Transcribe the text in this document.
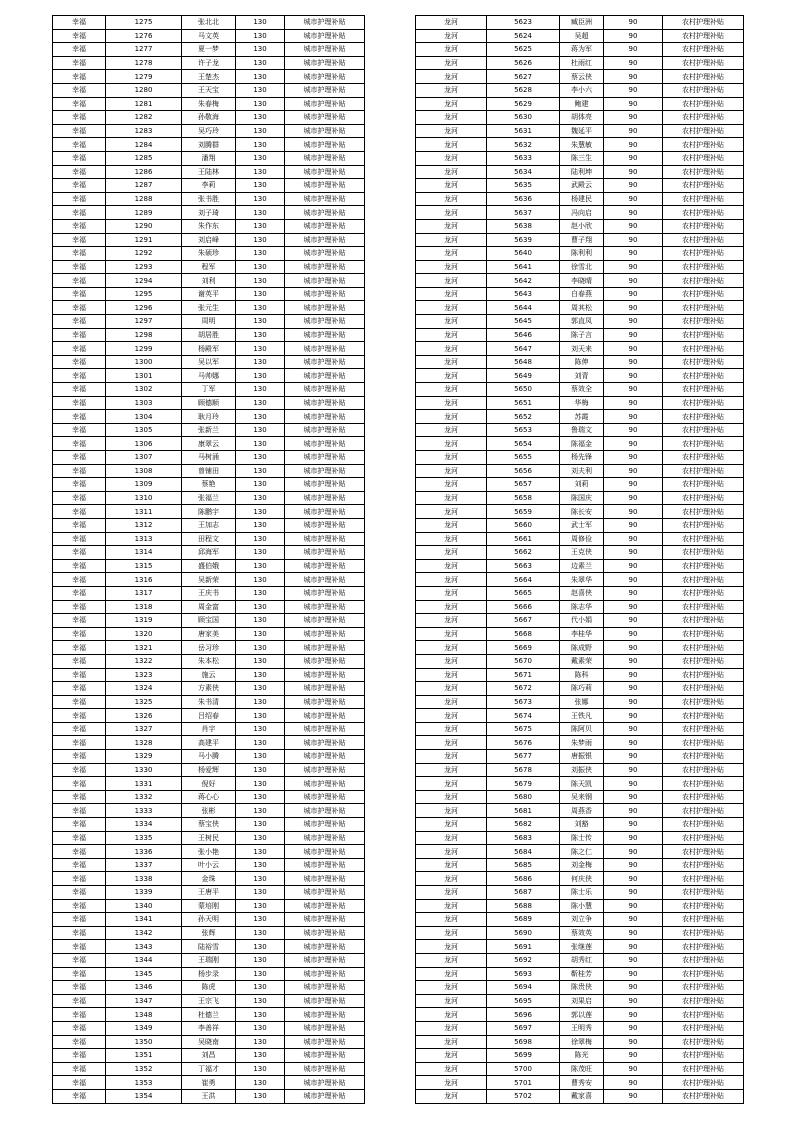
幸福	1275	张北北	130	城市护理补贴
幸福	1276	马文英	130	城市护理补贴
幸福	1277	夏一梦	130	城市护理补贴
幸福	1278	许子龙	130	城市护理补贴
幸福	1279	王楚杰	130	城市护理补贴
幸福	1280	王天宝	130	城市护理补贴
幸福	1281	朱春梅	130	城市护理补贴
幸福	1282	孙敬海	130	城市护理补贴
幸福	1283	吴巧玲	130	城市护理补贴
幸福	1284	刘腾群	130	城市护理补贴
幸福	1285	潘翔	130	城市护理补贴
幸福	1286	王陆林	130	城市护理补贴
幸福	1287	李莉	130	城市护理补贴
幸福	1288	张书胜	130	城市护理补贴
幸福	1289	刘子琦	130	城市护理补贴
幸福	1290	朱作东	130	城市护理补贴
幸福	1291	刘启峰	130	城市护理补贴
幸福	1292	朱硕珍	130	城市护理补贴
幸福	1293	程军	130	城市护理补贴
幸福	1294	刘利	130	城市护理补贴
幸福	1295	谢英平	130	城市护理补贴
幸福	1296	张元生	130	城市护理补贴
幸福	1297	周明	130	城市护理补贴
幸福	1298	胡居胜	130	城市护理补贴
幸福	1299	杨殿军	130	城市护理补贴
幸福	1300	吴以军	130	城市护理补贴
幸福	1301	马帅娜	130	城市护理补贴
幸福	1302	丁军	130	城市护理补贴
幸福	1303	顾德顺	130	城市护理补贴
幸福	1304	耿月玲	130	城市护理补贴
幸福	1305	张新兰	130	城市护理补贴
幸福	1306	康翠云	130	城市护理补贴
幸福	1307	马树涌	130	城市护理补贴
幸福	1308	曾铺田	130	城市护理补贴
幸福	1309	蔡艳	130	城市护理补贴
幸福	1310	张福兰	130	城市护理补贴
幸福	1311	陈鹏宇	130	城市护理补贴
幸福	1312	王加志	130	城市护理补贴
幸福	1313	田程文	130	城市护理补贴
幸福	1314	邱海军	130	城市护理补贴
幸福	1315	盛伯娥	130	城市护理补贴
幸福	1316	吴新荣	130	城市护理补贴
幸福	1317	王庆书	130	城市护理补贴
幸福	1318	周金富	130	城市护理补贴
幸福	1319	顾宝国	130	城市护理补贴
幸福	1320	唐家美	130	城市护理补贴
幸福	1321	岳习珍	130	城市护理补贴
幸福	1322	朱本松	130	城市护理补贴
幸福	1323	施云	130	城市护理补贴
幸福	1324	方素侠	130	城市护理补贴
幸福	1325	朱书清	130	城市护理补贴
幸福	1326	吕绍春	130	城市护理补贴
幸福	1327	肖宇	130	城市护理补贴
幸福	1328	高建平	130	城市护理补贴
幸福	1329	马小腾	130	城市护理补贴
幸福	1330	杨爱辉	130	城市护理补贴
幸福	1331	倪好	130	城市护理补贴
幸福	1332	蒋心心	130	城市护理补贴
幸福	1333	张彬	130	城市护理补贴
幸福	1334	蔡宝侠	130	城市护理补贴
幸福	1335	王树民	130	城市护理补贴
幸福	1336	张小艳	130	城市护理补贴
幸福	1337	叶小云	130	城市护理补贴
幸福	1338	金珠	130	城市护理补贴
幸福	1339	王唐平	130	城市护理补贴
幸福	1340	蒙培刚	130	城市护理补贴
幸福	1341	孙天明	130	城市护理补贴
幸福	1342	张辉	130	城市护理补贴
幸福	1343	陆裕雪	130	城市护理补贴
幸福	1344	王瑞刚	130	城市护理补贴
幸福	1345	杨步录	130	城市护理补贴
幸福	1346	陈虎	130	城市护理补贴
幸福	1347	王宗飞	130	城市护理补贴
幸福	1348	杜德兰	130	城市护理补贴
幸福	1349	李善祥	130	城市护理补贴
幸福	1350	吴晓南	130	城市护理补贴
幸福	1351	刘昌	130	城市护理补贴
幸福	1352	丁福才	130	城市护理补贴
幸福	1353	崔勇	130	城市护理补贴
幸福	1354	王洪	130	城市护理补贴
龙河	5623	臧臣洲	90	农村护理补贴
龙河	5624	吴超	90	农村护理补贴
龙河	5625	蒋为军	90	农村护理补贴
龙河	5626	杜雨红	90	农村护理补贴
龙河	5627	蔡云侠	90	农村护理补贴
龙河	5628	李小六	90	农村护理补贴
龙河	5629	鲍建	90	农村护理补贴
龙河	5630	胡体亮	90	农村护理补贴
龙河	5631	魏延平	90	农村护理补贴
龙河	5632	朱慧敏	90	农村护理补贴
龙河	5633	陈三生	90	农村护理补贴
龙河	5634	陆利坤	90	农村护理补贴
龙河	5635	武殿云	90	农村护理补贴
龙河	5636	杨建民	90	农村护理补贴
龙河	5637	冯向启	90	农村护理补贴
龙河	5638	赵小欣	90	农村护理补贴
龙河	5639	曹子翔	90	农村护理补贴
龙河	5640	陈利利	90	农村护理补贴
龙河	5641	徐雪北	90	农村护理补贴
龙河	5642	李晓晴	90	农村护理补贴
龙河	5643	白春燕	90	农村护理补贴
龙河	5644	周其松	90	农村护理补贴
龙河	5645	郭直凤	90	农村护理补贴
龙河	5646	陈子言	90	农村护理补贴
龙河	5647	刘天来	90	农村护理补贴
龙河	5648	陈伸	90	农村护理补贴
龙河	5649	刘青	90	农村护理补贴
龙河	5650	蔡效全	90	农村护理补贴
龙河	5651	华梅	90	农村护理补贴
龙河	5652	苏霞	90	农村护理补贴
龙河	5653	鲁瑞文	90	农村护理补贴
龙河	5654	陈福金	90	农村护理补贴
龙河	5655	杨先锋	90	农村护理补贴
龙河	5656	刘夫利	90	农村护理补贴
龙河	5657	刘莉	90	农村护理补贴
龙河	5658	陈国庆	90	农村护理补贴
龙河	5659	陈长安	90	农村护理补贴
龙河	5660	武士军	90	农村护理补贴
龙河	5661	周修俭	90	农村护理补贴
龙河	5662	王克侠	90	农村护理补贴
龙河	5663	边素兰	90	农村护理补贴
龙河	5664	朱翠华	90	农村护理补贴
龙河	5665	赵喜侠	90	农村护理补贴
龙河	5666	陈志华	90	农村护理补贴
龙河	5667	代小娟	90	农村护理补贴
龙河	5668	李桂华	90	农村护理补贴
龙河	5669	陈成野	90	农村护理补贴
龙河	5670	戴素荣	90	农村护理补贴
龙河	5671	陈科	90	农村护理补贴
龙河	5672	陈巧莉	90	农村护理补贴
龙河	5673	张娜	90	农村护理补贴
龙河	5674	王铁凡	90	农村护理补贴
龙河	5675	陈阿贝	90	农村护理补贴
龙河	5676	朱梦雨	90	农村护理补贴
龙河	5677	唐振银	90	农村护理补贴
龙河	5678	刘振侠	90	农村护理补贴
龙河	5679	陈天凯	90	农村护理补贴
龙河	5680	吴来钢	90	农村护理补贴
龙河	5681	周燕香	90	农村护理补贴
龙河	5682	刘豁	90	农村护理补贴
龙河	5683	陈士传	90	农村护理补贴
龙河	5684	陈之仁	90	农村护理补贴
龙河	5685	刘金梅	90	农村护理补贴
龙河	5686	何庆侠	90	农村护理补贴
龙河	5687	陈士乐	90	农村护理补贴
龙河	5688	陈小慧	90	农村护理补贴
龙河	5689	刘立争	90	农村护理补贴
龙河	5690	蔡效英	90	农村护理补贴
龙河	5691	张继莲	90	农村护理补贴
龙河	5692	胡秀红	90	农村护理补贴
龙河	5693	靳桂芳	90	农村护理补贴
龙河	5694	陈贵侠	90	农村护理补贴
龙河	5695	刘果启	90	农村护理补贴
龙河	5696	郭以莲	90	农村护理补贴
龙河	5697	王明秀	90	农村护理补贴
龙河	5698	徐翠梅	90	农村护理补贴
龙河	5699	陈光	90	农村护理补贴
龙河	5700	陈茂旺	90	农村护理补贴
龙河	5701	曹秀安	90	农村护理补贴
龙河	5702	戴家喜	90	农村护理补贴
